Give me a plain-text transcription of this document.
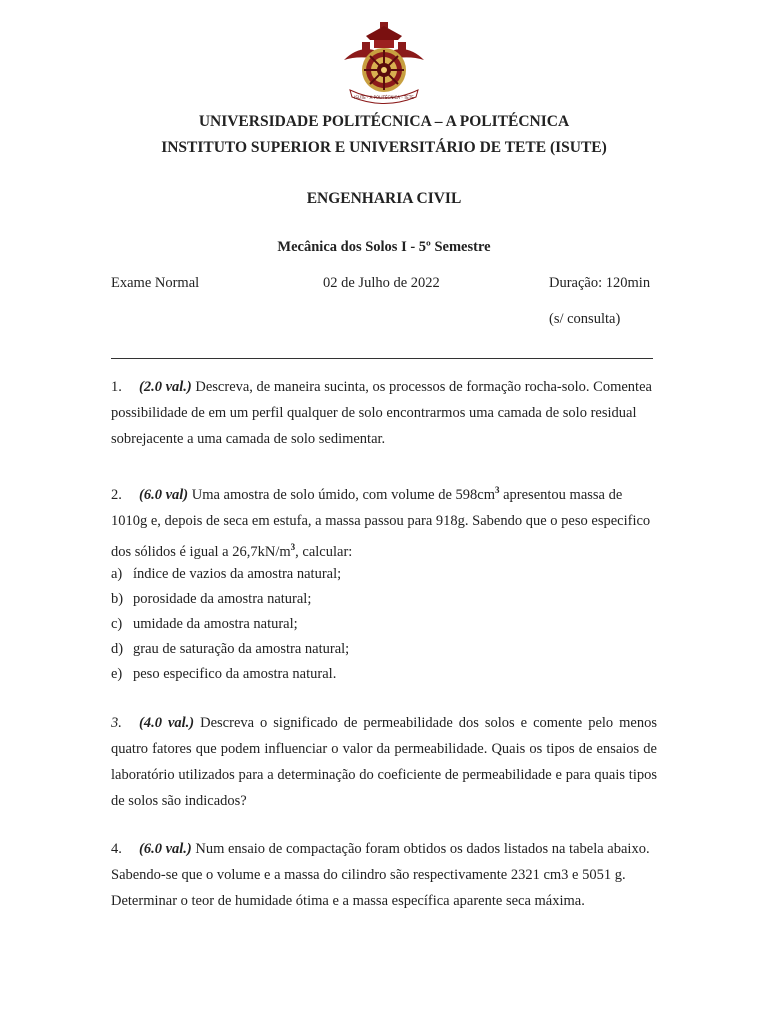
ISUTE · A POLITÉCNICA · TETE
UNIVERSIDADE POLITÉCNICA – A POLITÉCNICA
INSTITUTO SUPERIOR E UNIVERSITÁRIO DE TETE (ISUTE)
ENGENHARIA CIVIL
Mecânica dos Solos I - 5º Semestre
Exame Normal	02 de Julho de 2022	Duração: 120min
(s/ consulta)

1. (2.0 val.) Descreva, de maneira sucinta, os processos de formação rocha-solo. Comentea possibilidade de em um perfil qualquer de solo encontrarmos uma camada de solo residual sobrejacente a uma camada de solo sedimentar.

2. (6.0 val) Uma amostra de solo úmido, com volume de $598cm^3$ apresentou massa de 1010g e, depois de seca em estufa, a massa passou para 918g. Sabendo que o peso especifico dos sólidos é igual a $26,7kN/m^3$, calcular:

a) índice de vazios da amostra natural;
b) porosidade da amostra natural;
c) umidade da amostra natural;
d) grau de saturação da amostra natural;
e) peso especifico da amostra natural.

3. (4.0 val.) Descreva o significado de permeabilidade dos solos e comente pelo menos quatro fatores que podem influenciar o valor da permeabilidade. Quais os tipos de ensaios de laboratório utilizados para a determinação do coeficiente de permeabilidade e para quais tipos de solos são indicados?

4. (6.0 val.) Num ensaio de compactação foram obtidos os dados listados na tabela abaixo. Sabendo-se que o volume e a massa do cilindro são respectivamente 2321 cm3 e 5051 g. Determinar o teor de humidade ótima e a massa específica aparente seca máxima.
